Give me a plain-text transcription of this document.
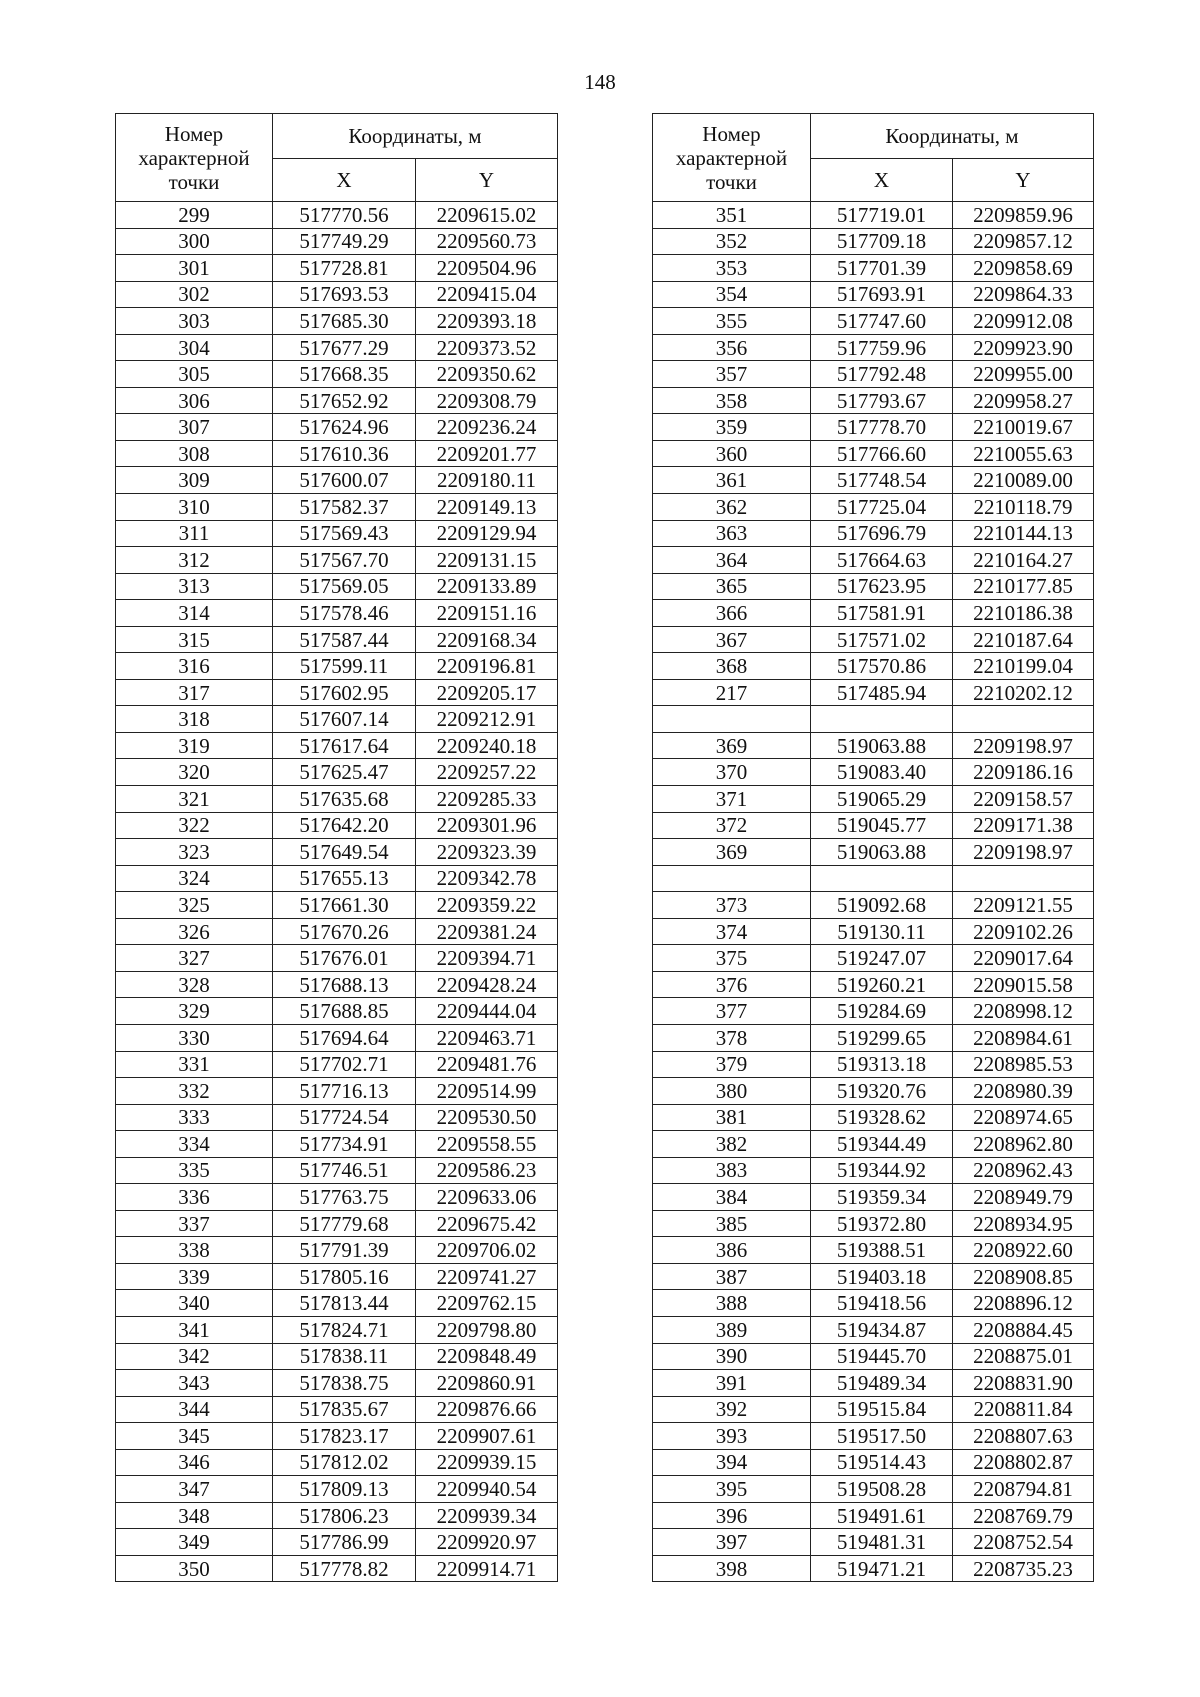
148
Номер характерной точки	Координаты, м	
	X	Y
299	517770.56	2209615.02
300	517749.29	2209560.73
301	517728.81	2209504.96
302	517693.53	2209415.04
303	517685.30	2209393.18
304	517677.29	2209373.52
305	517668.35	2209350.62
306	517652.92	2209308.79
307	517624.96	2209236.24
308	517610.36	2209201.77
309	517600.07	2209180.11
310	517582.37	2209149.13
311	517569.43	2209129.94
312	517567.70	2209131.15
313	517569.05	2209133.89
314	517578.46	2209151.16
315	517587.44	2209168.34
316	517599.11	2209196.81
317	517602.95	2209205.17
318	517607.14	2209212.91
319	517617.64	2209240.18
320	517625.47	2209257.22
321	517635.68	2209285.33
322	517642.20	2209301.96
323	517649.54	2209323.39
324	517655.13	2209342.78
325	517661.30	2209359.22
326	517670.26	2209381.24
327	517676.01	2209394.71
328	517688.13	2209428.24
329	517688.85	2209444.04
330	517694.64	2209463.71
331	517702.71	2209481.76
332	517716.13	2209514.99
333	517724.54	2209530.50
334	517734.91	2209558.55
335	517746.51	2209586.23
336	517763.75	2209633.06
337	517779.68	2209675.42
338	517791.39	2209706.02
339	517805.16	2209741.27
340	517813.44	2209762.15
341	517824.71	2209798.80
342	517838.11	2209848.49
343	517838.75	2209860.91
344	517835.67	2209876.66
345	517823.17	2209907.61
346	517812.02	2209939.15
347	517809.13	2209940.54
348	517806.23	2209939.34
349	517786.99	2209920.97
350	517778.82	2209914.71
Номер характерной точки	Координаты, м	
	X	Y
351	517719.01	2209859.96
352	517709.18	2209857.12
353	517701.39	2209858.69
354	517693.91	2209864.33
355	517747.60	2209912.08
356	517759.96	2209923.90
357	517792.48	2209955.00
358	517793.67	2209958.27
359	517778.70	2210019.67
360	517766.60	2210055.63
361	517748.54	2210089.00
362	517725.04	2210118.79
363	517696.79	2210144.13
364	517664.63	2210164.27
365	517623.95	2210177.85
366	517581.91	2210186.38
367	517571.02	2210187.64
368	517570.86	2210199.04
217	517485.94	2210202.12

369	519063.88	2209198.97
370	519083.40	2209186.16
371	519065.29	2209158.57
372	519045.77	2209171.38
369	519063.88	2209198.97

373	519092.68	2209121.55
374	519130.11	2209102.26
375	519247.07	2209017.64
376	519260.21	2209015.58
377	519284.69	2208998.12
378	519299.65	2208984.61
379	519313.18	2208985.53
380	519320.76	2208980.39
381	519328.62	2208974.65
382	519344.49	2208962.80
383	519344.92	2208962.43
384	519359.34	2208949.79
385	519372.80	2208934.95
386	519388.51	2208922.60
387	519403.18	2208908.85
388	519418.56	2208896.12
389	519434.87	2208884.45
390	519445.70	2208875.01
391	519489.34	2208831.90
392	519515.84	2208811.84
393	519517.50	2208807.63
394	519514.43	2208802.87
395	519508.28	2208794.81
396	519491.61	2208769.79
397	519481.31	2208752.54
398	519471.21	2208735.23
